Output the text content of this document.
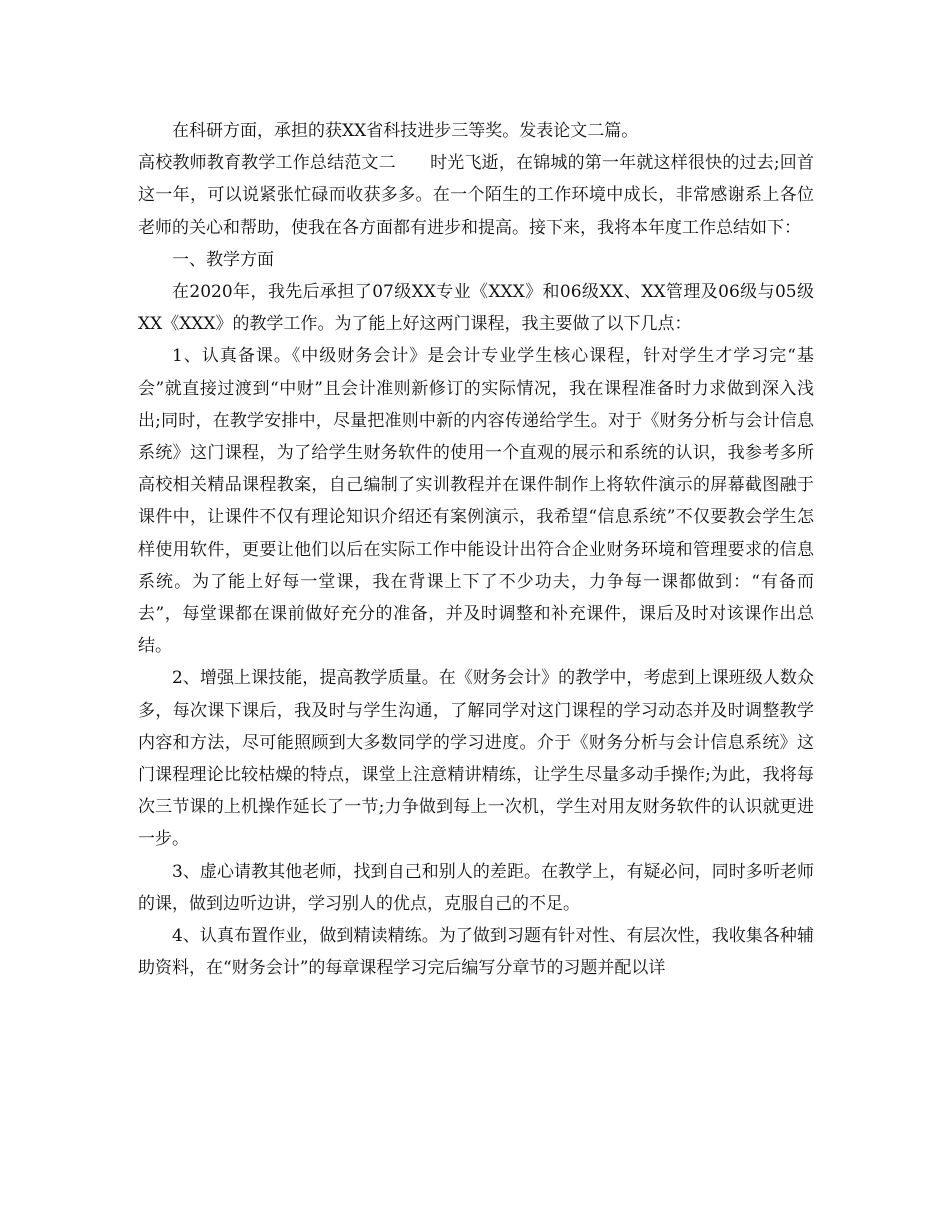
在科研方面，承担的获XX省科技进步三等奖。发表论文二篇。

高校教师教育教学工作总结范文二 时光飞逝，在锦城的第一年就这样很快的过去;回首这一年，可以说紧张忙碌而收获多多。在一个陌生的工作环境中成长，非常感谢系上各位老师的关心和帮助，使我在各方面都有进步和提高。接下来，我将本年度工作总结如下：

一、教学方面

在2020年，我先后承担了07级XX专业《XXX》和06级XX、XX管理及06级与05级XX《XXX》的教学工作。为了能上好这两门课程，我主要做了以下几点：

1、认真备课。《中级财务会计》是会计专业学生核心课程，针对学生才学习完“基会”就直接过渡到“中财”且会计准则新修订的实际情况，我在课程准备时力求做到深入浅出;同时，在教学安排中，尽量把准则中新的内容传递给学生。对于《财务分析与会计信息系统》这门课程，为了给学生财务软件的使用一个直观的展示和系统的认识，我参考多所高校相关精品课程教案，自己编制了实训教程并在课件制作上将软件演示的屏幕截图融于课件中，让课件不仅有理论知识介绍还有案例演示，我希望“信息系统”不仅要教会学生怎样使用软件，更要让他们以后在实际工作中能设计出符合企业财务环境和管理要求的信息系统。为了能上好每一堂课，我在背课上下了不少功夫，力争每一课都做到：“有备而去”，每堂课都在课前做好充分的准备，并及时调整和补充课件，课后及时对该课作出总结。

2、增强上课技能，提高教学质量。在《财务会计》的教学中，考虑到上课班级人数众多，每次课下课后，我及时与学生沟通，了解同学对这门课程的学习动态并及时调整教学内容和方法，尽可能照顾到大多数同学的学习进度。介于《财务分析与会计信息系统》这门课程理论比较枯燥的特点，课堂上注意精讲精练，让学生尽量多动手操作;为此，我将每次三节课的上机操作延长了一节;力争做到每上一次机，学生对用友财务软件的认识就更进一步。

3、虚心请教其他老师，找到自己和别人的差距。在教学上，有疑必问，同时多听老师的课，做到边听边讲，学习别人的优点，克服自己的不足。

4、认真布置作业，做到精读精练。为了做到习题有针对性、有层次性，我收集各种辅助资料，在“财务会计”的每章课程学习完后编写分章节的习题并配以详
